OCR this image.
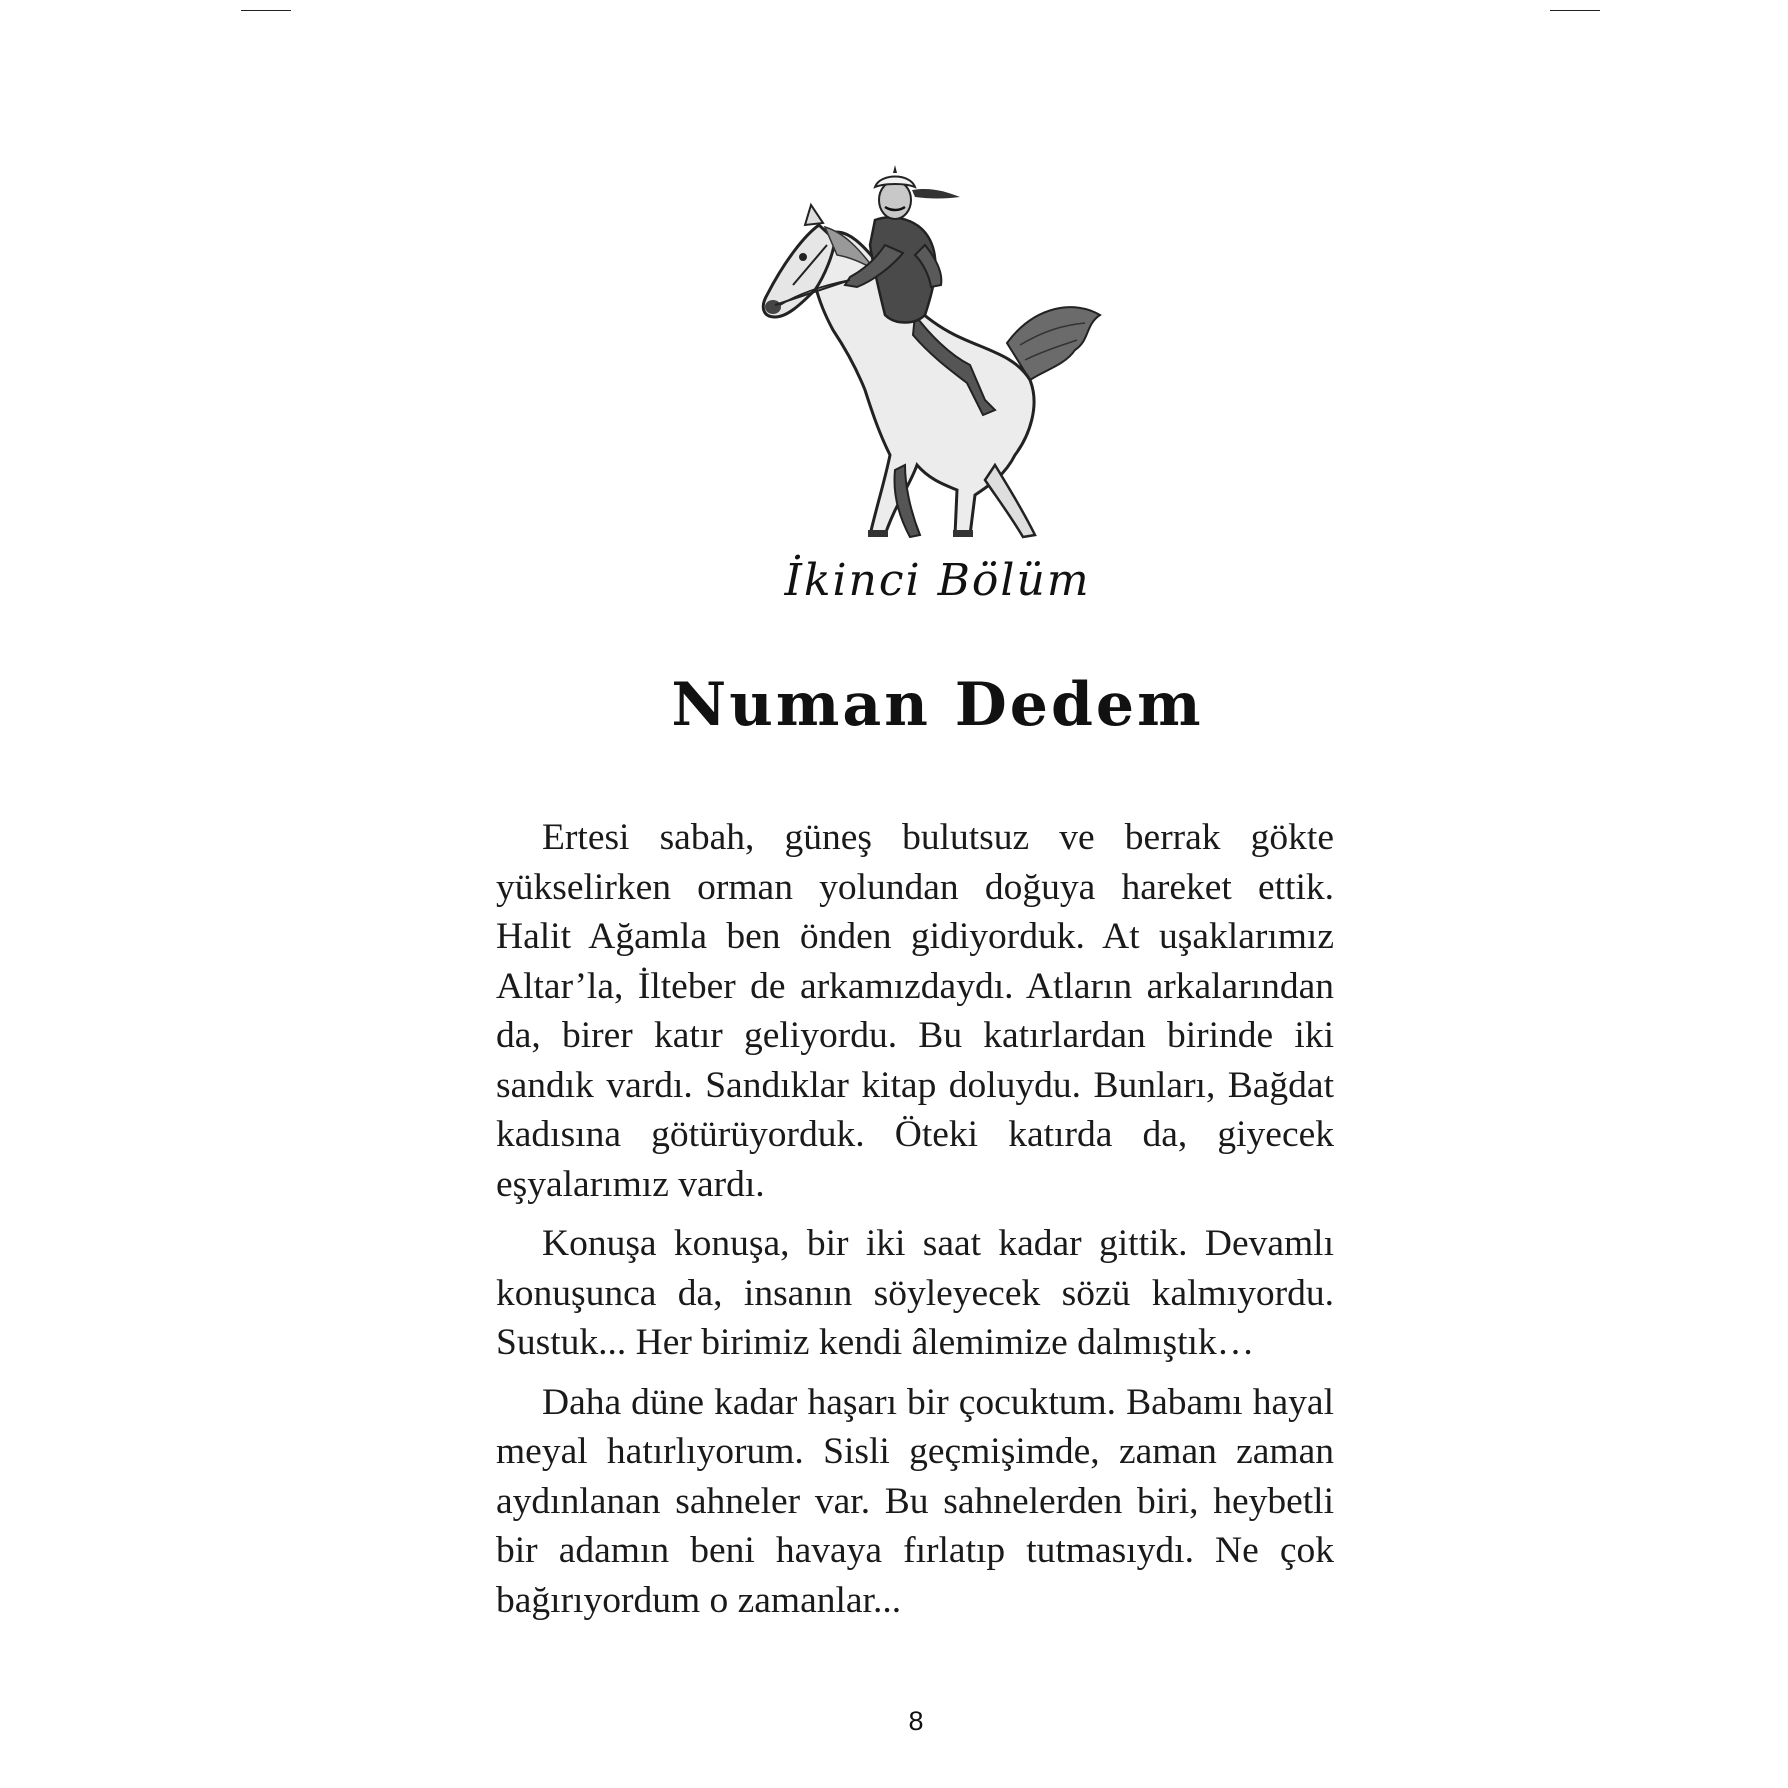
İkinci Bölüm
Numan Dedem

Ertesi sabah, güneş bulutsuz ve berrak gökte yükselirken orman yolundan doğuya hareket ettik. Halit Ağamla ben önden gidiyorduk. At uşaklarımız Altar’la, İlteber de arkamızdaydı. Atların arkalarından da, birer katır geliyordu. Bu katırlardan birinde iki sandık vardı. Sandıklar kitap doluydu. Bunları, Bağdat kadısına götürüyorduk. Öteki katırda da, giyecek eşyalarımız vardı.

Konuşa konuşa, bir iki saat kadar gittik. Devamlı konuşunca da, insanın söyleyecek sözü kalmıyordu. Sustuk... Her birimiz kendi âlemimize dalmıştık…

Daha düne kadar haşarı bir çocuktum. Babamı hayal meyal hatırlıyorum. Sisli geçmişimde, zaman zaman aydınlanan sahneler var. Bu sahnelerden biri, heybetli bir adamın beni havaya fırlatıp tutmasıydı. Ne çok bağırıyordum o zamanlar...

8
